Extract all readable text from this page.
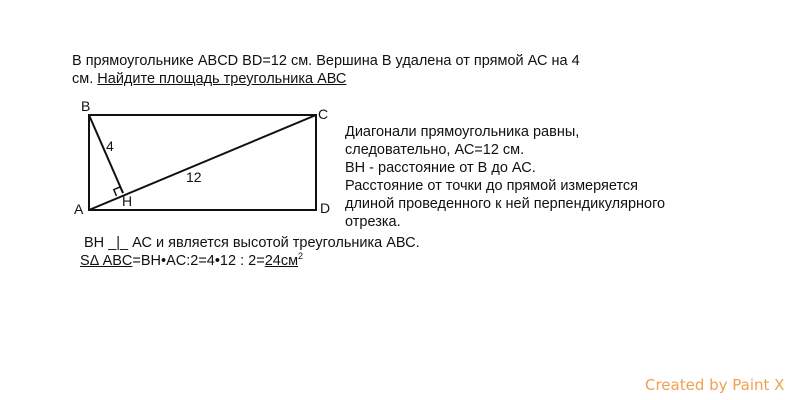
В прямоугольнике ABCD BD=12 см. Вершина В удалена от прямой АС на 4
см. Найдите площадь треугольника АВС
B	C
A	D
H
4
12
Диагонали прямоугольника равны,
следовательно, АС=12 см.
ВН - расстояние от В до АС.
Расстояние от точки до прямой измеряется
длиной проведенного к ней перпендикулярного
отрезка.
ВН _|_ АС и является высотой треугольника АВС.
SΔ ABC=BH•AC:2=4•12 : $2=24см^2$
Created by Paint X
